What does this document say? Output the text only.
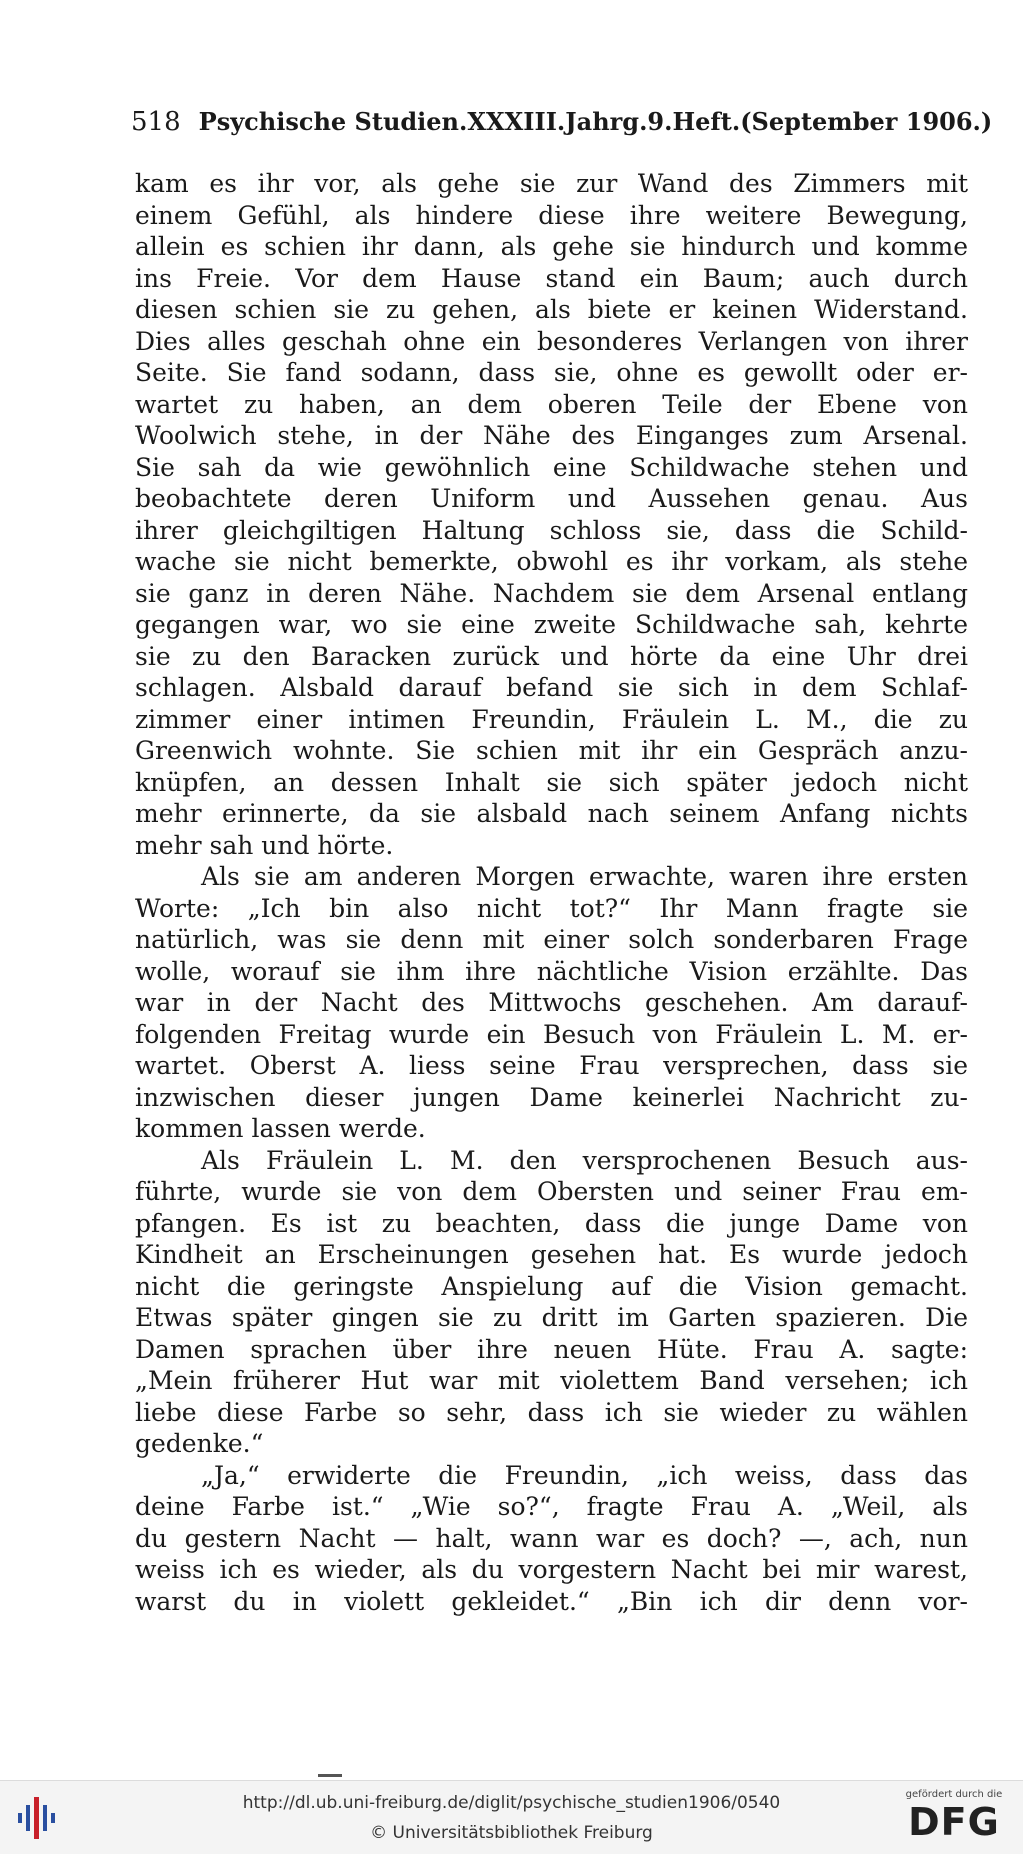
518 Psychische Studien. XXXIII. Jahrg. 9. Heft. (September 1906.)
kam es ihr vor, als gehe sie zur Wand des Zimmers mit
einem Gefühl, als hindere diese ihre weitere Bewegung,
allein es schien ihr dann, als gehe sie hindurch und komme
ins Freie. Vor dem Hause stand ein Baum; auch durch
diesen schien sie zu gehen, als biete er keinen Widerstand.
Dies alles geschah ohne ein besonderes Verlangen von ihrer
Seite. Sie fand sodann, dass sie, ohne es gewollt oder er-
wartet zu haben, an dem oberen Teile der Ebene von
Woolwich stehe, in der Nähe des Einganges zum Arsenal.
Sie sah da wie gewöhnlich eine Schildwache stehen und
beobachtete deren Uniform und Aussehen genau. Aus
ihrer gleichgiltigen Haltung schloss sie, dass die Schild-
wache sie nicht bemerkte, obwohl es ihr vorkam, als stehe
sie ganz in deren Nähe. Nachdem sie dem Arsenal entlang
gegangen war, wo sie eine zweite Schildwache sah, kehrte
sie zu den Baracken zurück und hörte da eine Uhr drei
schlagen. Alsbald darauf befand sie sich in dem Schlaf-
zimmer einer intimen Freundin, Fräulein L. M., die zu
Greenwich wohnte. Sie schien mit ihr ein Gespräch anzu-
knüpfen, an dessen Inhalt sie sich später jedoch nicht
mehr erinnerte, da sie alsbald nach seinem Anfang nichts
mehr sah und hörte.
Als sie am anderen Morgen erwachte, waren ihre ersten
Worte: „Ich bin also nicht tot?“ Ihr Mann fragte sie
natürlich, was sie denn mit einer solch sonderbaren Frage
wolle, worauf sie ihm ihre nächtliche Vision erzählte. Das
war in der Nacht des Mittwochs geschehen. Am darauf-
folgenden Freitag wurde ein Besuch von Fräulein L. M. er-
wartet. Oberst A. liess seine Frau versprechen, dass sie
inzwischen dieser jungen Dame keinerlei Nachricht zu-
kommen lassen werde.
Als Fräulein L. M. den versprochenen Besuch aus-
führte, wurde sie von dem Obersten und seiner Frau em-
pfangen. Es ist zu beachten, dass die junge Dame von
Kindheit an Erscheinungen gesehen hat. Es wurde jedoch
nicht die geringste Anspielung auf die Vision gemacht.
Etwas später gingen sie zu dritt im Garten spazieren. Die
Damen sprachen über ihre neuen Hüte. Frau A. sagte:
„Mein früherer Hut war mit violettem Band versehen; ich
liebe diese Farbe so sehr, dass ich sie wieder zu wählen
gedenke.“
„Ja,“ erwiderte die Freundin, „ich weiss, dass das
deine Farbe ist.“ „Wie so?“, fragte Frau A. „Weil, als
du gestern Nacht — halt, wann war es doch? —, ach, nun
weiss ich es wieder, als du vorgestern Nacht bei mir warest,
warst du in violett gekleidet.“ „Bin ich dir denn vor-
http://dl.ub.uni-freiburg.de/diglit/psychische_studien1906/0540
© Universitätsbibliothek Freiburg
gefördert durch die
DFG
